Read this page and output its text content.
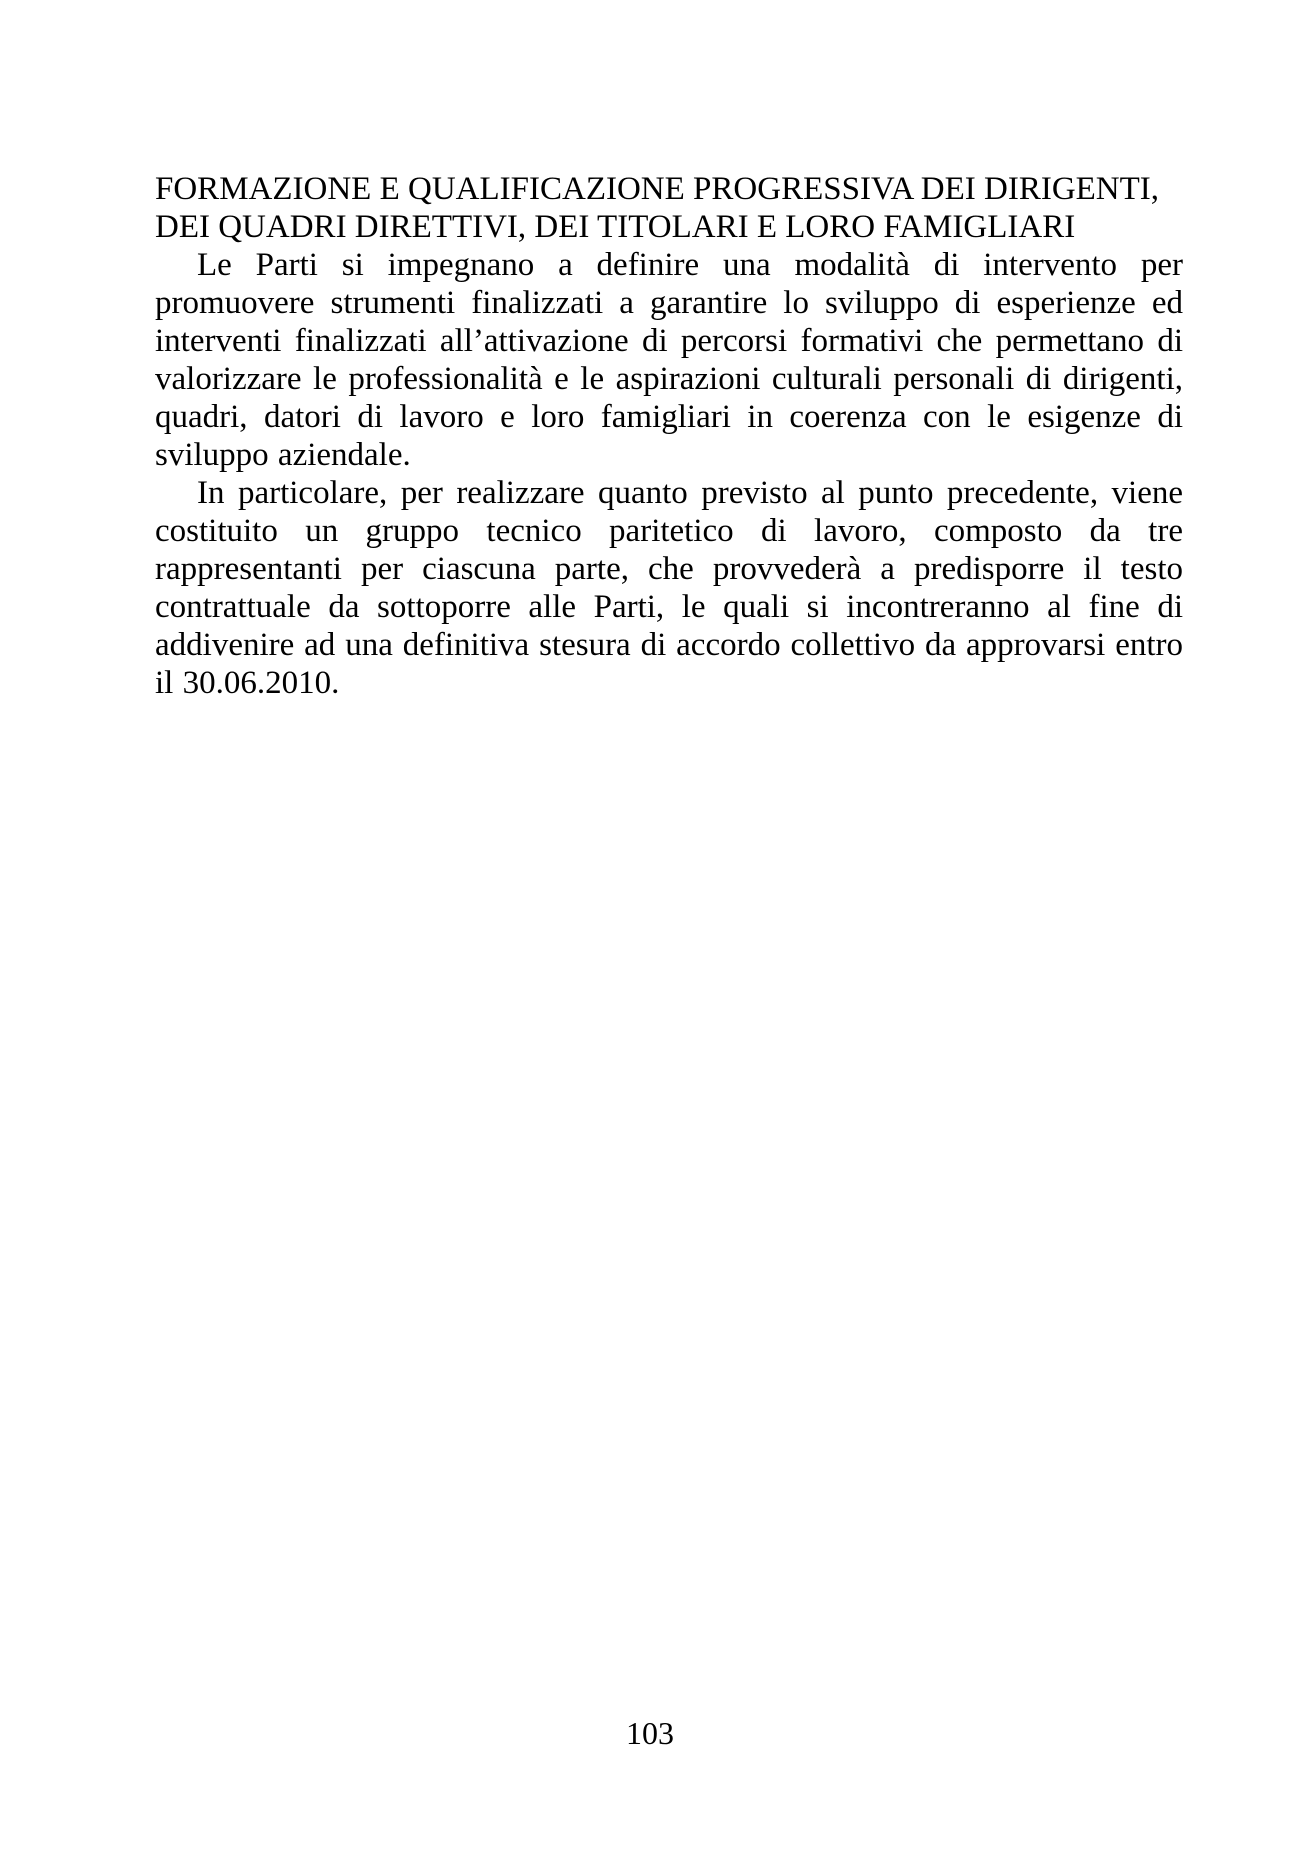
FORMAZIONE E QUALIFICAZIONE PROGRESSIVA DEI DIRIGENTI,
DEI QUADRI DIRETTIVI, DEI TITOLARI E LORO FAMIGLIARI

Le Parti si impegnano a definire una modalità di intervento per promuovere strumenti finalizzati a garantire lo sviluppo di esperienze ed interventi finalizzati all’attivazione di percorsi formativi che permettano di valorizzare le professionalità e le aspirazioni culturali personali di dirigenti, quadri, datori di lavoro e loro famigliari in coerenza con le esigenze di sviluppo aziendale.

In particolare, per realizzare quanto previsto al punto precedente, viene costituito un gruppo tecnico paritetico di lavoro, composto da tre rappresentanti per ciascuna parte, che provvederà a predisporre il testo contrattuale da sottoporre alle Parti, le quali si incontreranno al fine di addivenire ad una definitiva stesura di accordo collettivo da approvarsi entro il 30.06.2010.

103
